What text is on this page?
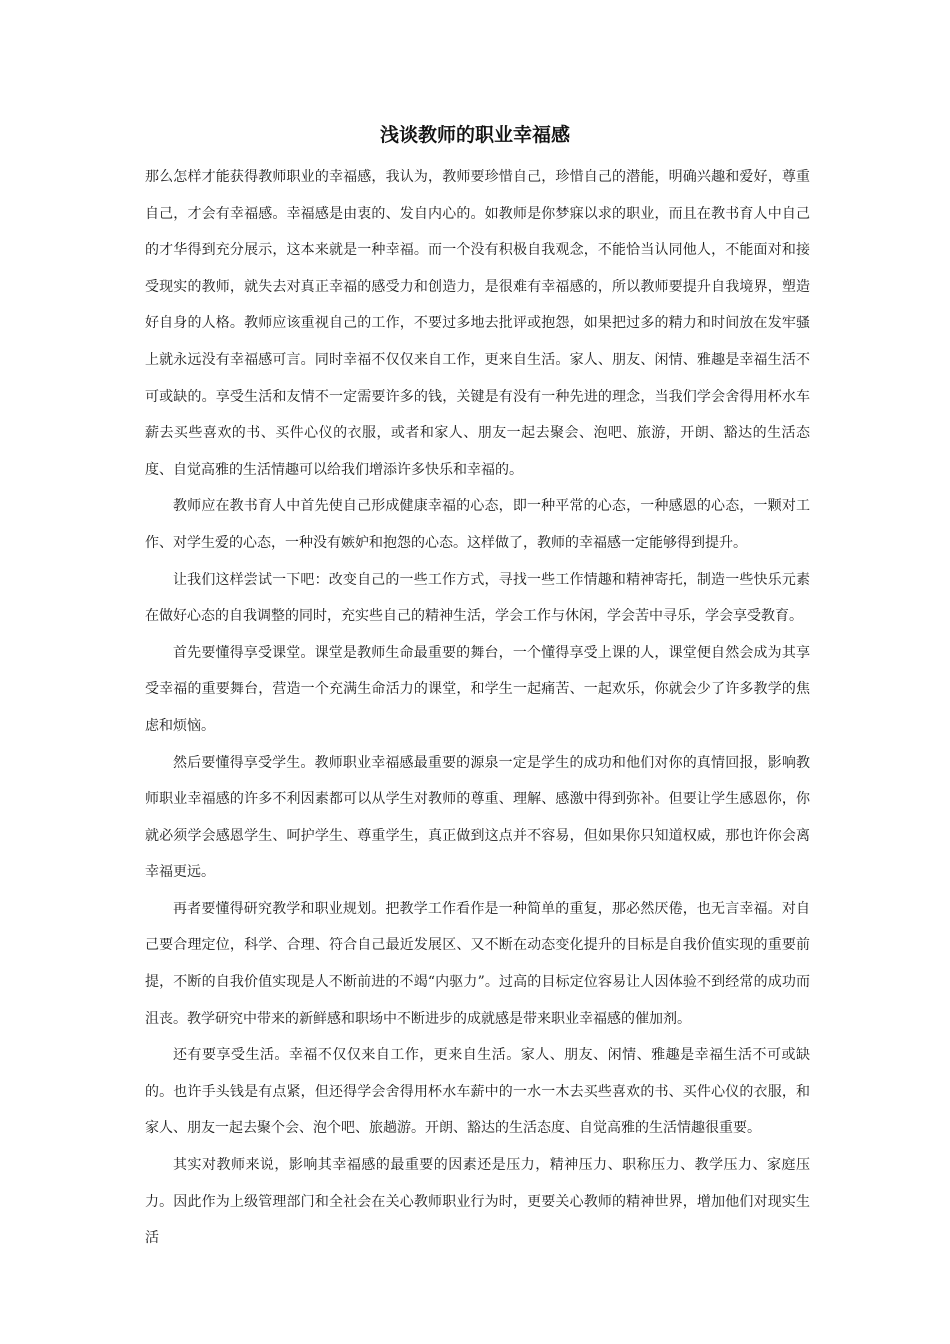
浅谈教师的职业幸福感

那么怎样才能获得教师职业的幸福感，我认为，教师要珍惜自己，珍惜自己的潜能，明确兴趣和爱好，尊重自己，才会有幸福感。幸福感是由衷的、发自内心的。如教师是你梦寐以求的职业，而且在教书育人中自己的才华得到充分展示，这本来就是一种幸福。而一个没有积极自我观念，不能恰当认同他人，不能面对和接受现实的教师，就失去对真正幸福的感受力和创造力，是很难有幸福感的，所以教师要提升自我境界，塑造好自身的人格。教师应该重视自己的工作，不要过多地去批评或抱怨，如果把过多的精力和时间放在发牢骚上就永远没有幸福感可言。同时幸福不仅仅来自工作，更来自生活。家人、朋友、闲情、雅趣是幸福生活不可或缺的。享受生活和友情不一定需要许多的钱，关键是有没有一种先进的理念，当我们学会舍得用杯水车薪去买些喜欢的书、买件心仪的衣服，或者和家人、朋友一起去聚会、泡吧、旅游，开朗、豁达的生活态度、自觉高雅的生活情趣可以给我们增添许多快乐和幸福的。

教师应在教书育人中首先使自己形成健康幸福的心态，即一种平常的心态，一种感恩的心态，一颗对工作、对学生爱的心态，一种没有嫉妒和抱怨的心态。这样做了，教师的幸福感一定能够得到提升。

让我们这样尝试一下吧：改变自己的一些工作方式，寻找一些工作情趣和精神寄托，制造一些快乐元素在做好心态的自我调整的同时，充实些自己的精神生活，学会工作与休闲，学会苦中寻乐，学会享受教育。

首先要懂得享受课堂。课堂是教师生命最重要的舞台，一个懂得享受上课的人，课堂便自然会成为其享受幸福的重要舞台，营造一个充满生命活力的课堂，和学生一起痛苦、一起欢乐，你就会少了许多教学的焦虑和烦恼。

然后要懂得享受学生。教师职业幸福感最重要的源泉一定是学生的成功和他们对你的真情回报，影响教师职业幸福感的许多不利因素都可以从学生对教师的尊重、理解、感激中得到弥补。但要让学生感恩你，你就必须学会感恩学生、呵护学生、尊重学生，真正做到这点并不容易，但如果你只知道权威，那也许你会离幸福更远。

再者要懂得研究教学和职业规划。把教学工作看作是一种简单的重复，那必然厌倦，也无言幸福。对自己要合理定位，科学、合理、符合自己最近发展区、又不断在动态变化提升的目标是自我价值实现的重要前提，不断的自我价值实现是人不断前进的不竭“内驱力”。过高的目标定位容易让人因体验不到经常的成功而沮丧。教学研究中带来的新鲜感和职场中不断进步的成就感是带来职业幸福感的催加剂。

还有要享受生活。幸福不仅仅来自工作，更来自生活。家人、朋友、闲情、雅趣是幸福生活不可或缺的。也许手头钱是有点紧，但还得学会舍得用杯水车薪中的一水一木去买些喜欢的书、买件心仪的衣服，和家人、朋友一起去聚个会、泡个吧、旅趟游。开朗、豁达的生活态度、自觉高雅的生活情趣很重要。

其实对教师来说，影响其幸福感的最重要的因素还是压力，精神压力、职称压力、教学压力、家庭压力。因此作为上级管理部门和全社会在关心教师职业行为时，更要关心教师的精神世界，增加他们对现实生活
